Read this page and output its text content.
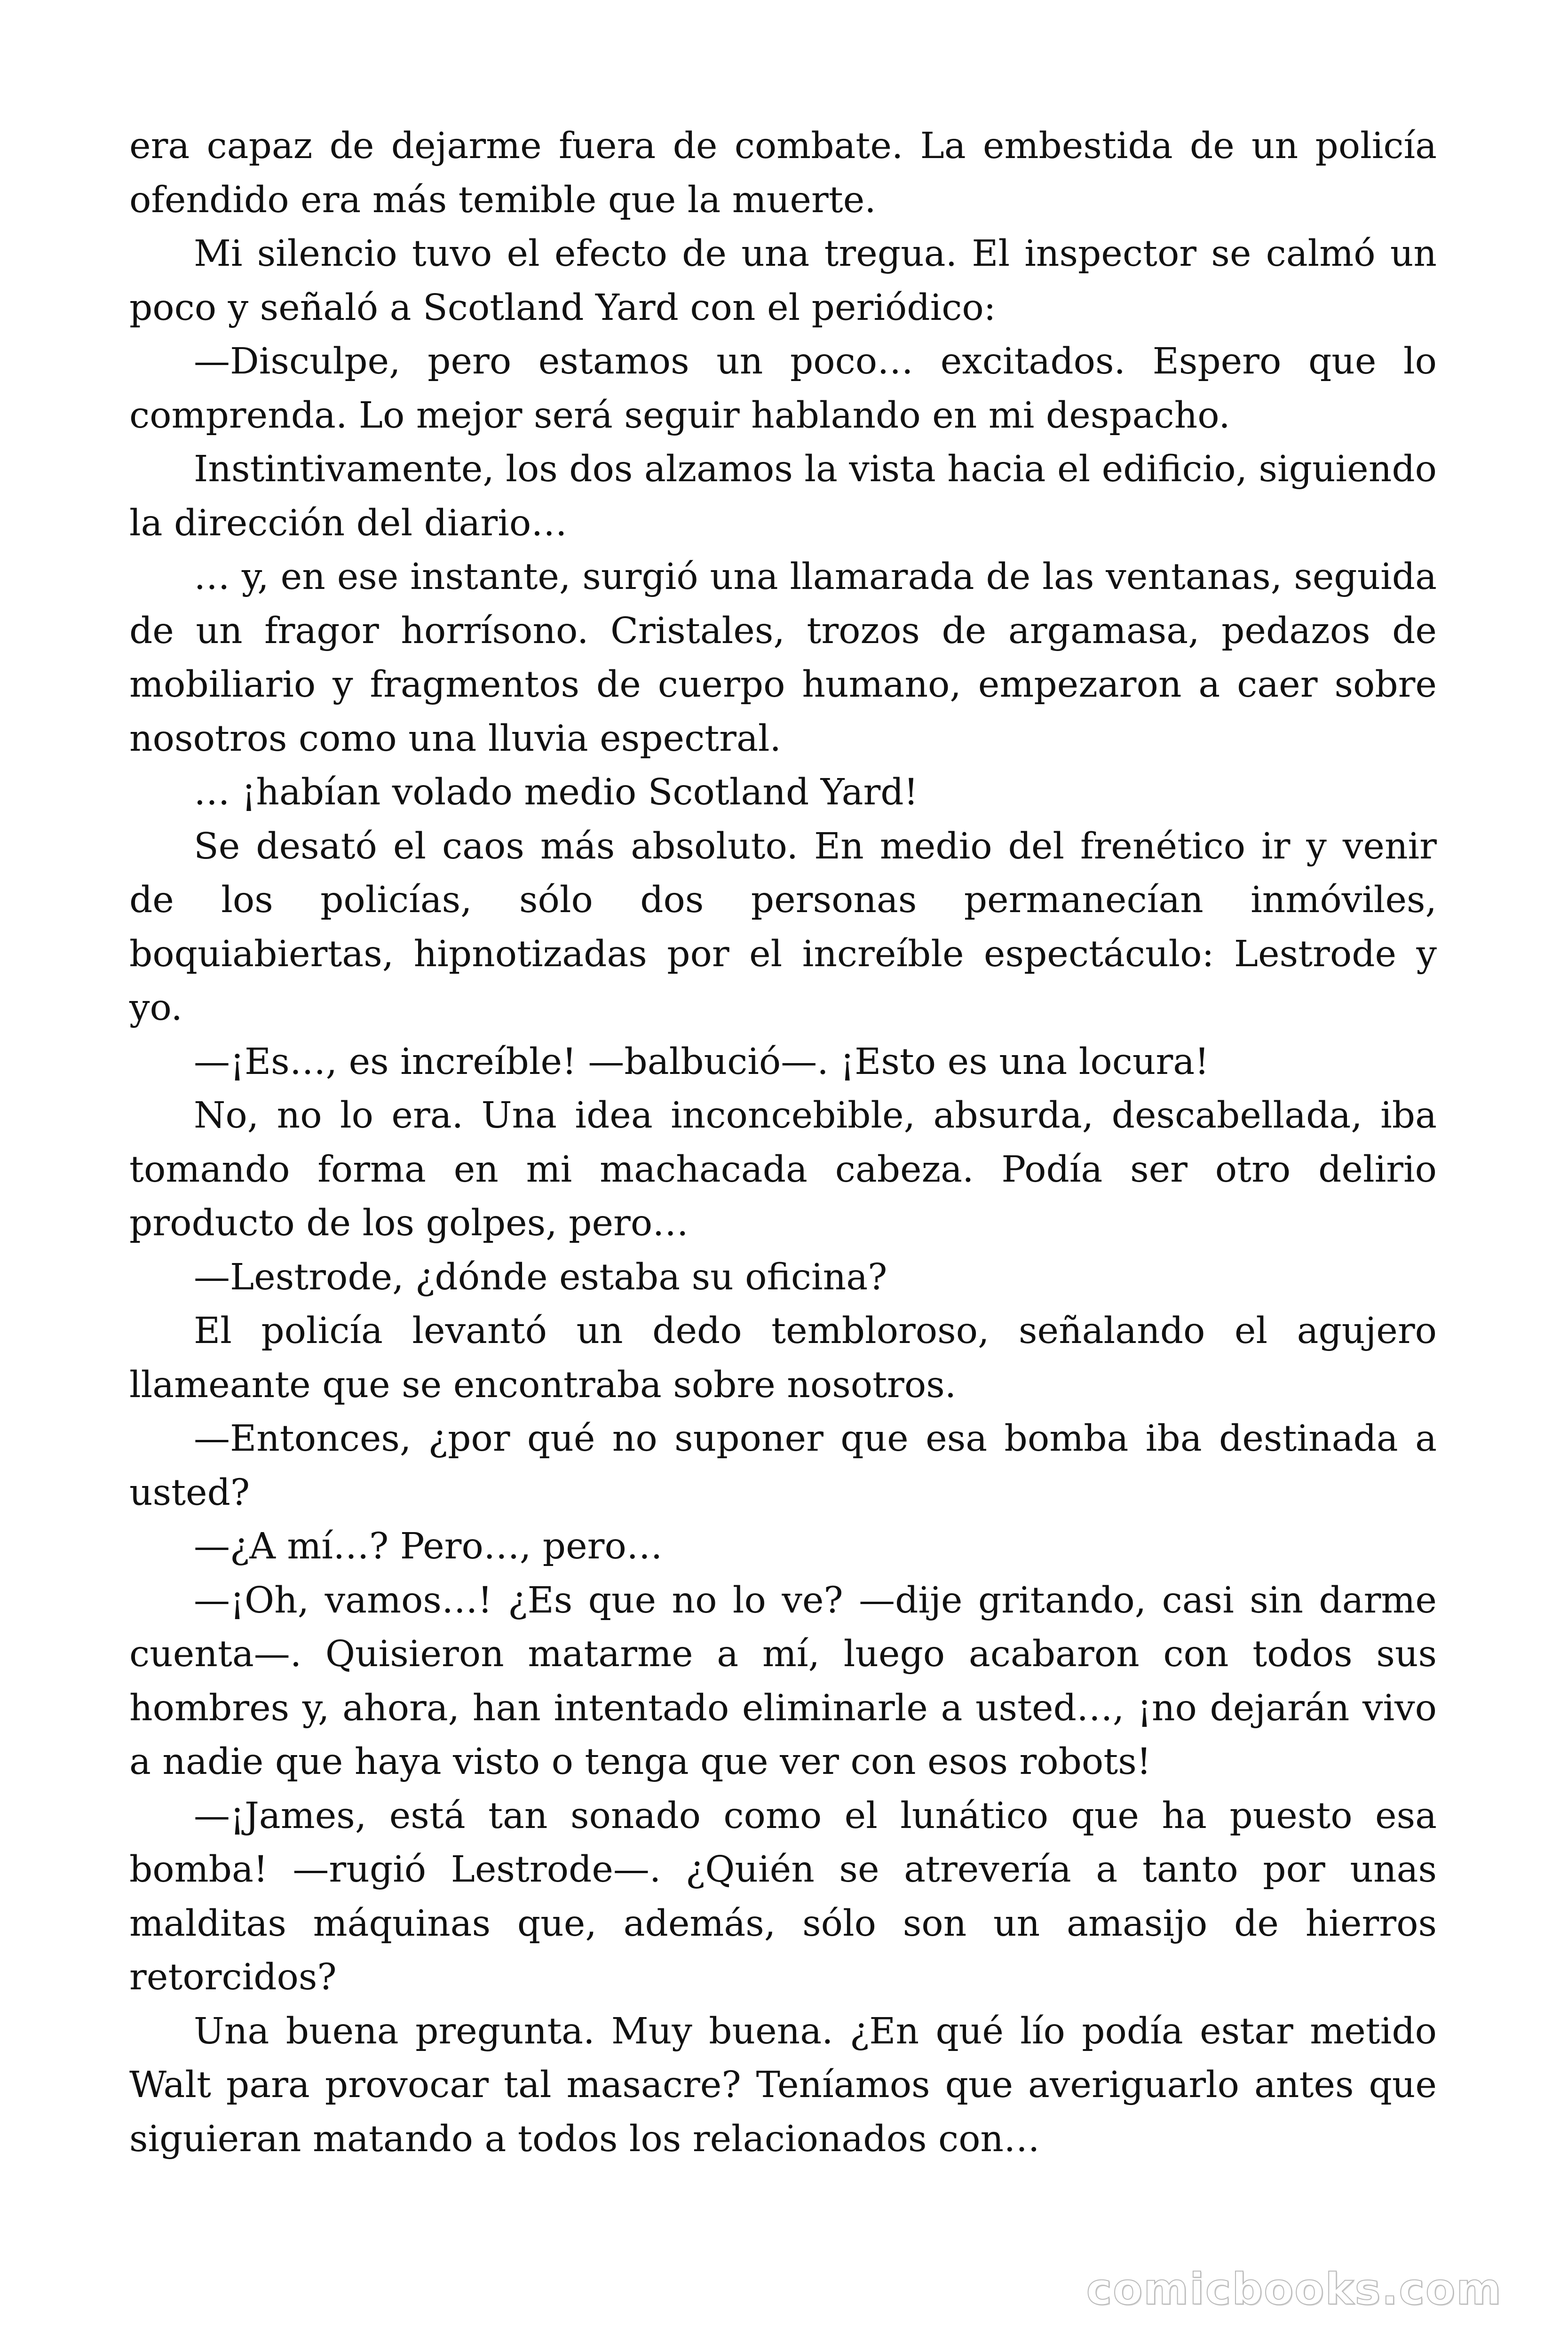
era capaz de dejarme fuera de combate. La embestida de un policía ofendido era más temible que la muerte.

Mi silencio tuvo el efecto de una tregua. El inspector se calmó un poco y señaló a Scotland Yard con el periódico:

—Disculpe, pero estamos un poco… excitados. Espero que lo comprenda. Lo mejor será seguir hablando en mi despacho.

Instintivamente, los dos alzamos la vista hacia el edificio, siguiendo la dirección del diario…

… y, en ese instante, surgió una llamarada de las ventanas, seguida de un fragor horrísono. Cristales, trozos de argamasa, pedazos de mobiliario y fragmentos de cuerpo humano, empezaron a caer sobre nosotros como una lluvia espectral.

… ¡habían volado medio Scotland Yard!

Se desató el caos más absoluto. En medio del frenético ir y venir de los policías, sólo dos personas permanecían inmóviles, boquiabiertas, hipnotizadas por el increíble espectáculo: Lestrode y yo.

—¡Es…, es increíble! —balbució—. ¡Esto es una locura!

No, no lo era. Una idea inconcebible, absurda, descabellada, iba tomando forma en mi machacada cabeza. Podía ser otro delirio producto de los golpes, pero…

—Lestrode, ¿dónde estaba su oficina?

El policía levantó un dedo tembloroso, señalando el agujero llameante que se encontraba sobre nosotros.

—Entonces, ¿por qué no suponer que esa bomba iba destinada a usted?

—¿A mí…? Pero…, pero…

—¡Oh, vamos…! ¿Es que no lo ve? —dije gritando, casi sin darme cuenta—. Quisieron matarme a mí, luego acabaron con todos sus hombres y, ahora, han intentado eliminarle a usted…, ¡no dejarán vivo a nadie que haya visto o tenga que ver con esos robots!

—¡James, está tan sonado como el lunático que ha puesto esa bomba! —rugió Lestrode—. ¿Quién se atrevería a tanto por unas malditas máquinas que, además, sólo son un amasijo de hierros retorcidos?

Una buena pregunta. Muy buena. ¿En qué lío podía estar metido Walt para provocar tal masacre? Teníamos que averiguarlo antes que siguieran matando a todos los relacionados con…

comicbooks.com
